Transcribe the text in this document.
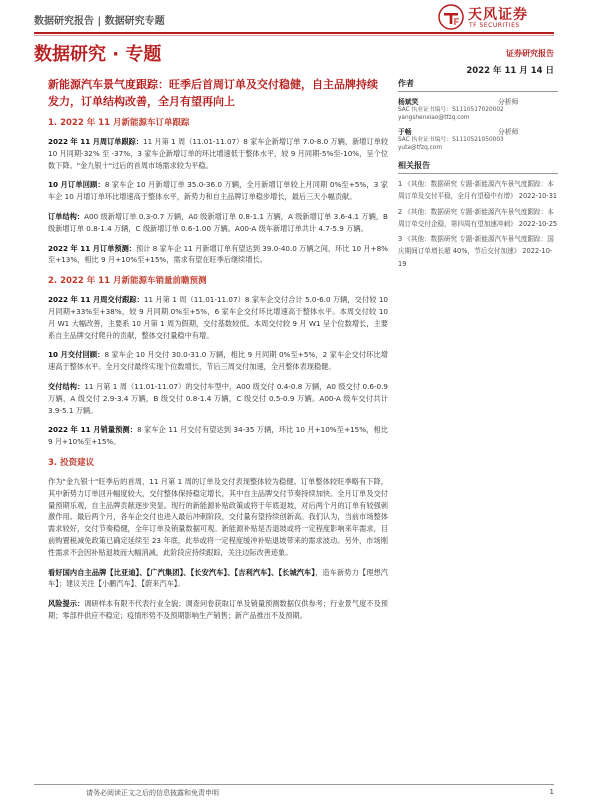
数据研究报告 | 数据研究专题	天风证券
TF SECURITIES
数据研究 · 专题	证券研究报告
2022 年 11 月 14 日
新能源汽车景气度跟踪：旺季后首周订单及交付稳健，自主品牌持续发力，订单结构改善，全月有望再向上
1. 2022 年 11 月新能源车订单跟踪

2022 年 11 月周订单跟踪：11 月第 1 周（11.01-11.07）8 家车企新增订单 7.0-8.0 万辆，新增订单较 10 月同期-32% 至 -37%，3 家车企新增订单的环比增速低于整体水平，较 9 月同期-5%至-10%，呈个位数下降。"金九银十"过后的首周市场需求较为平稳。

10 月订单回顾：8 家车企 10 月新增订单 35.0-36.0 万辆，全月新增订单较上月同期 0%至+5%，3 家车企 10 月增订单环比增速高于整体水平，新势力和自主品牌订单稳步增长，最后三天小幅贡献。

订单结构：A00 级新增订单 0.3-0.7 万辆，A0 级新增订单 0.8-1.1 万辆，A 级新增订单 3.6-4.1 万辆，B 级新增订单 0.8-1.4 万辆，C 级新增订单 0.6-1.00 万辆。A00-A 级车新增订单共计 4.7-5.9 万辆。

2022 年 11 月订单预测：预计 8 家车企 11 月新增订单有望达到 39.0-40.0 万辆之间，环比 10 月+8%至+13%，相比 9 月+10%至+15%，需求有望在旺季后继续增长。

2. 2022 年 11 月新能源车销量前瞻预测

2022 年 11 月周交付跟踪：11 月第 1 周（11.01-11.07）8 家车企交付合计 5.0-6.0 万辆，交付较 10 月同期+33%至+38%，较 9 月同期 0%至+5%，6 家车企交付环比增速高于整体水平。本周交付较 10 月 W1 大幅改善，主要系 10 月第 1 周为假期，交付基数较低。本周交付较 9 月 W1 呈个位数增长，主要系自主品牌交付爬升的贡献，整体交付量稳中有增。

10 月交付回顾：8 家车企 10 月交付 30.0-31.0 万辆，相比 9 月同期 0%至+5%，2 家车企交付环比增速高于整体水平。全月交付最终实现个位数增长，节后三周交付加速，全月整体表现稳健。

交付结构：11 月第 1 周（11.01-11.07）的交付车型中，A00 级交付 0.4-0.8 万辆，A0 级交付 0.6-0.9 万辆，A 级交付 2.9-3.4 万辆，B 级交付 0.8-1.4 万辆，C 级交付 0.5-0.9 万辆。A00-A 级车交付共计 3.9-5.1 万辆。

2022 年 11 月销量预测：8 家车企 11 月交付有望达到 34-35 万辆，环比 10 月+10%至+15%，相比 9 月+10%至+15%。

3. 投资建议

作为"金九银十"旺季后的首周，11 月第 1 周的订单及交付表现整体较为稳健。订单整体较旺季略有下降，其中新势力订单回升幅度较大，交付整体保持稳定增长，其中自主品牌交付节奏持续加快。全月订单及交付量预期乐观，自主品牌贡献逐步突显。现行的新能源补贴政策或将于年底退坡，对后两个月的订单有较强刺激作用。最后两个月，各车企交付也进入最后冲刺阶段，交付量有望持续创新高。我们认为，当前市场整体需求较好，交付节奏稳健，全年订单及销量数据可观。新能源补贴是否退坡或将一定程度影响来年需求，目前购置税减免政策已确定延续至 23 年底，此举或将一定程度缓冲补贴退坡带来的需求波动。另外，市场刚性需求不会因补贴退坡而大幅消减，此阶段应持续跟踪，关注边际改善迹象。

看好国内自主品牌【比亚迪】、【广汽集团】、【长安汽车】、【吉利汽车】、【长城汽车】，造车新势力【理想汽车】；建议关注【小鹏汽车】、【蔚来汽车】。

风险提示：调研样本有限不代表行业全貌；调查问卷获取订单及销量预测数据仅供参考；行业景气度不及预期；零部件供应不稳定；疫情形势不及预期影响生产销售；新产品推出不及预期。

作者
杨斌笑	分析师
SAC 执业证书编号：S1110517020002
yangshenxiao@tfzq.com
于畅	分析师
SAC 执业证书编号：S1110521050003
yuta@tfzq.com
相关报告
1 《其他：数据研究 专题-新能源汽车景气度跟踪：本周订单及交付平稳，全月有望稳中有增》 2022-10-31
2 《其他：数据研究 专题-新能源汽车景气度跟踪：本周订单交付企稳，第四周有望加速冲刺》 2022-10-25
3 《其他：数据研究 专题-新能源汽车景气度跟踪：国庆期间订单增长超 40%，节后交付加速》 2022-10-19
请务必阅读正文之后的信息披露和免责申明	1
